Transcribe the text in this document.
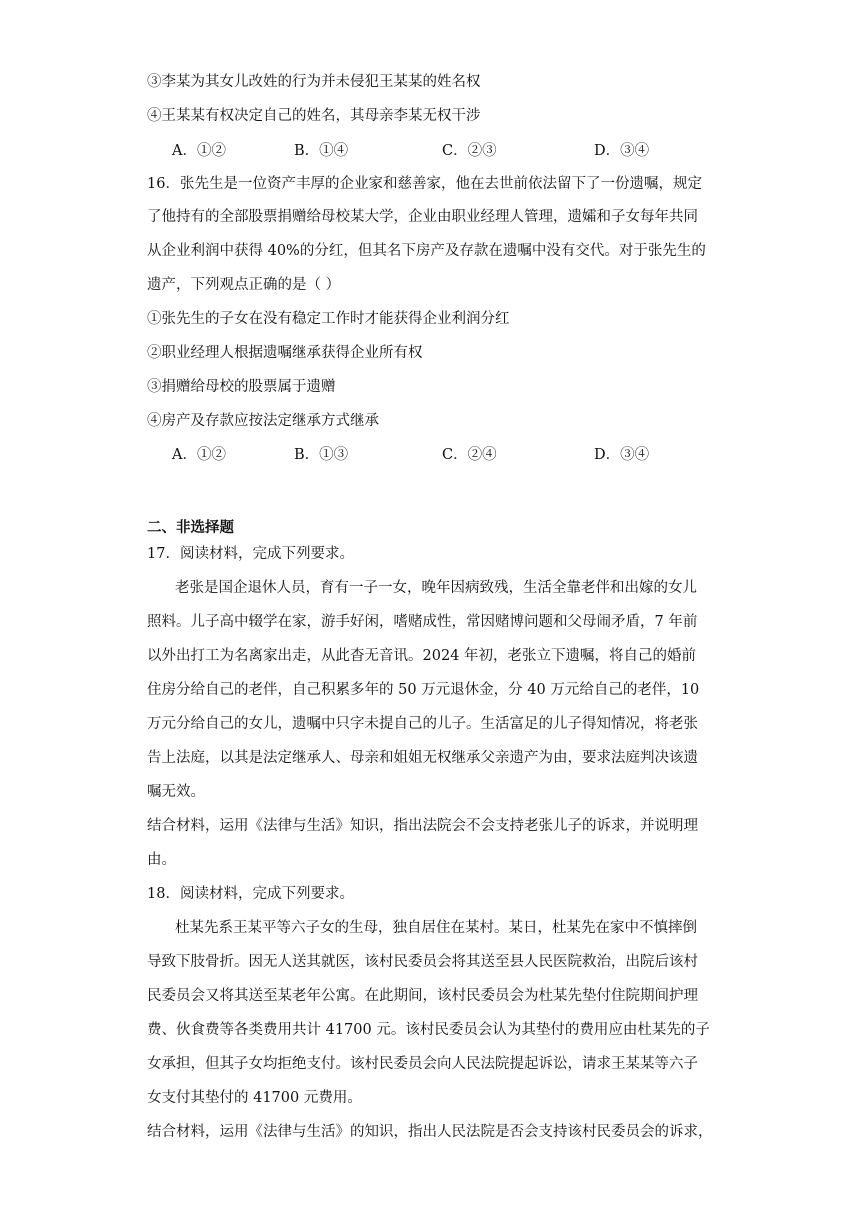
③李某为其女儿改姓的行为并未侵犯王某某的姓名权
④王某某有权决定自己的姓名，其母亲李某无权干涉
A．①②	B．①④	C．②③	D．③④
16．张先生是一位资产丰厚的企业家和慈善家，他在去世前依法留下了一份遗嘱，规定
了他持有的全部股票捐赠给母校某大学，企业由职业经理人管理，遗孀和子女每年共同
从企业利润中获得 40%的分红，但其名下房产及存款在遗嘱中没有交代。对于张先生的
遗产，下列观点正确的是（ ）
①张先生的子女在没有稳定工作时才能获得企业利润分红
②职业经理人根据遗嘱继承获得企业所有权
③捐赠给母校的股票属于遗赠
④房产及存款应按法定继承方式继承
A．①②	B．①③	C．②④	D．③④
二、非选择题
17．阅读材料，完成下列要求。
老张是国企退休人员，育有一子一女，晚年因病致残，生活全靠老伴和出嫁的女儿
照料。儿子高中辍学在家，游手好闲，嗜赌成性，常因赌博问题和父母闹矛盾，7 年前
以外出打工为名离家出走，从此杳无音讯。2024 年初，老张立下遗嘱，将自己的婚前
住房分给自己的老伴，自己积累多年的 50 万元退休金，分 40 万元给自己的老伴，10
万元分给自己的女儿，遗嘱中只字未提自己的儿子。生活富足的儿子得知情况，将老张
告上法庭，以其是法定继承人、母亲和姐姐无权继承父亲遗产为由，要求法庭判决该遗
嘱无效。
结合材料，运用《法律与生活》知识，指出法院会不会支持老张儿子的诉求，并说明理
由。
18．阅读材料，完成下列要求。
杜某先系王某平等六子女的生母，独自居住在某村。某日，杜某先在家中不慎摔倒
导致下肢骨折。因无人送其就医，该村民委员会将其送至县人民医院救治，出院后该村
民委员会又将其送至某老年公寓。在此期间，该村民委员会为杜某先垫付住院期间护理
费、伙食费等各类费用共计 41700 元。该村民委员会认为其垫付的费用应由杜某先的子
女承担，但其子女均拒绝支付。该村民委员会向人民法院提起诉讼，请求王某某等六子
女支付其垫付的 41700 元费用。
结合材料，运用《法律与生活》的知识，指出人民法院是否会支持该村民委员会的诉求，
